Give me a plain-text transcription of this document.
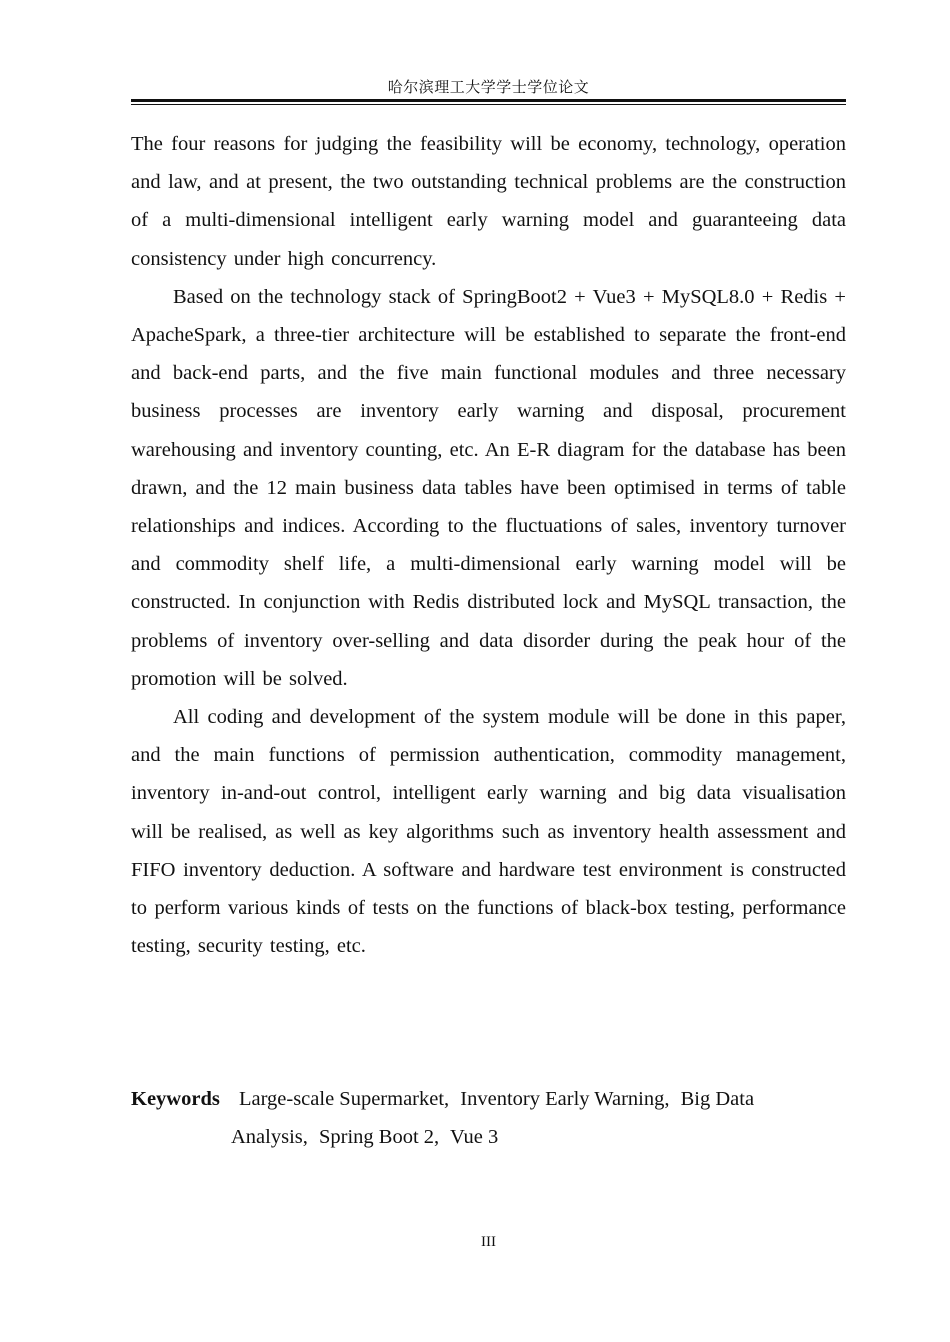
哈尔滨理工大学学士学位论文

The four reasons for judging the feasibility will be economy, technology, operation and law, and at present, the two outstanding technical problems are the construction of a multi-dimensional intelligent early warning model and guaranteeing data consistency under high concurrency.

Based on the technology stack of SpringBoot2 + Vue3 + MySQL8.0 + Redis + ApacheSpark, a three-tier architecture will be established to separate the front-end and back-end parts, and the five main functional modules and three necessary business processes are inventory early warning and disposal, procurement warehousing and inventory counting, etc. An E-R diagram for the database has been drawn, and the 12 main business data tables have been optimised in terms of table relationships and indices. According to the fluctuations of sales, inventory turnover and commodity shelf life, a multi-dimensional early warning model will be constructed. In conjunction with Redis distributed lock and MySQL transaction, the problems of inventory over-selling and data disorder during the peak hour of the promotion will be solved.

All coding and development of the system module will be done in this paper, and the main functions of permission authentication, commodity management, inventory in-and-out control, intelligent early warning and big data visualisation will be realised, as well as key algorithms such as inventory health assessment and FIFO inventory deduction. A software and hardware test environment is constructed to perform various kinds of tests on the functions of black-box testing, performance testing, security testing, etc.

Keywords Large-scale Supermarket, Inventory Early Warning, Big Data
Analysis, Spring Boot 2, Vue 3
III
